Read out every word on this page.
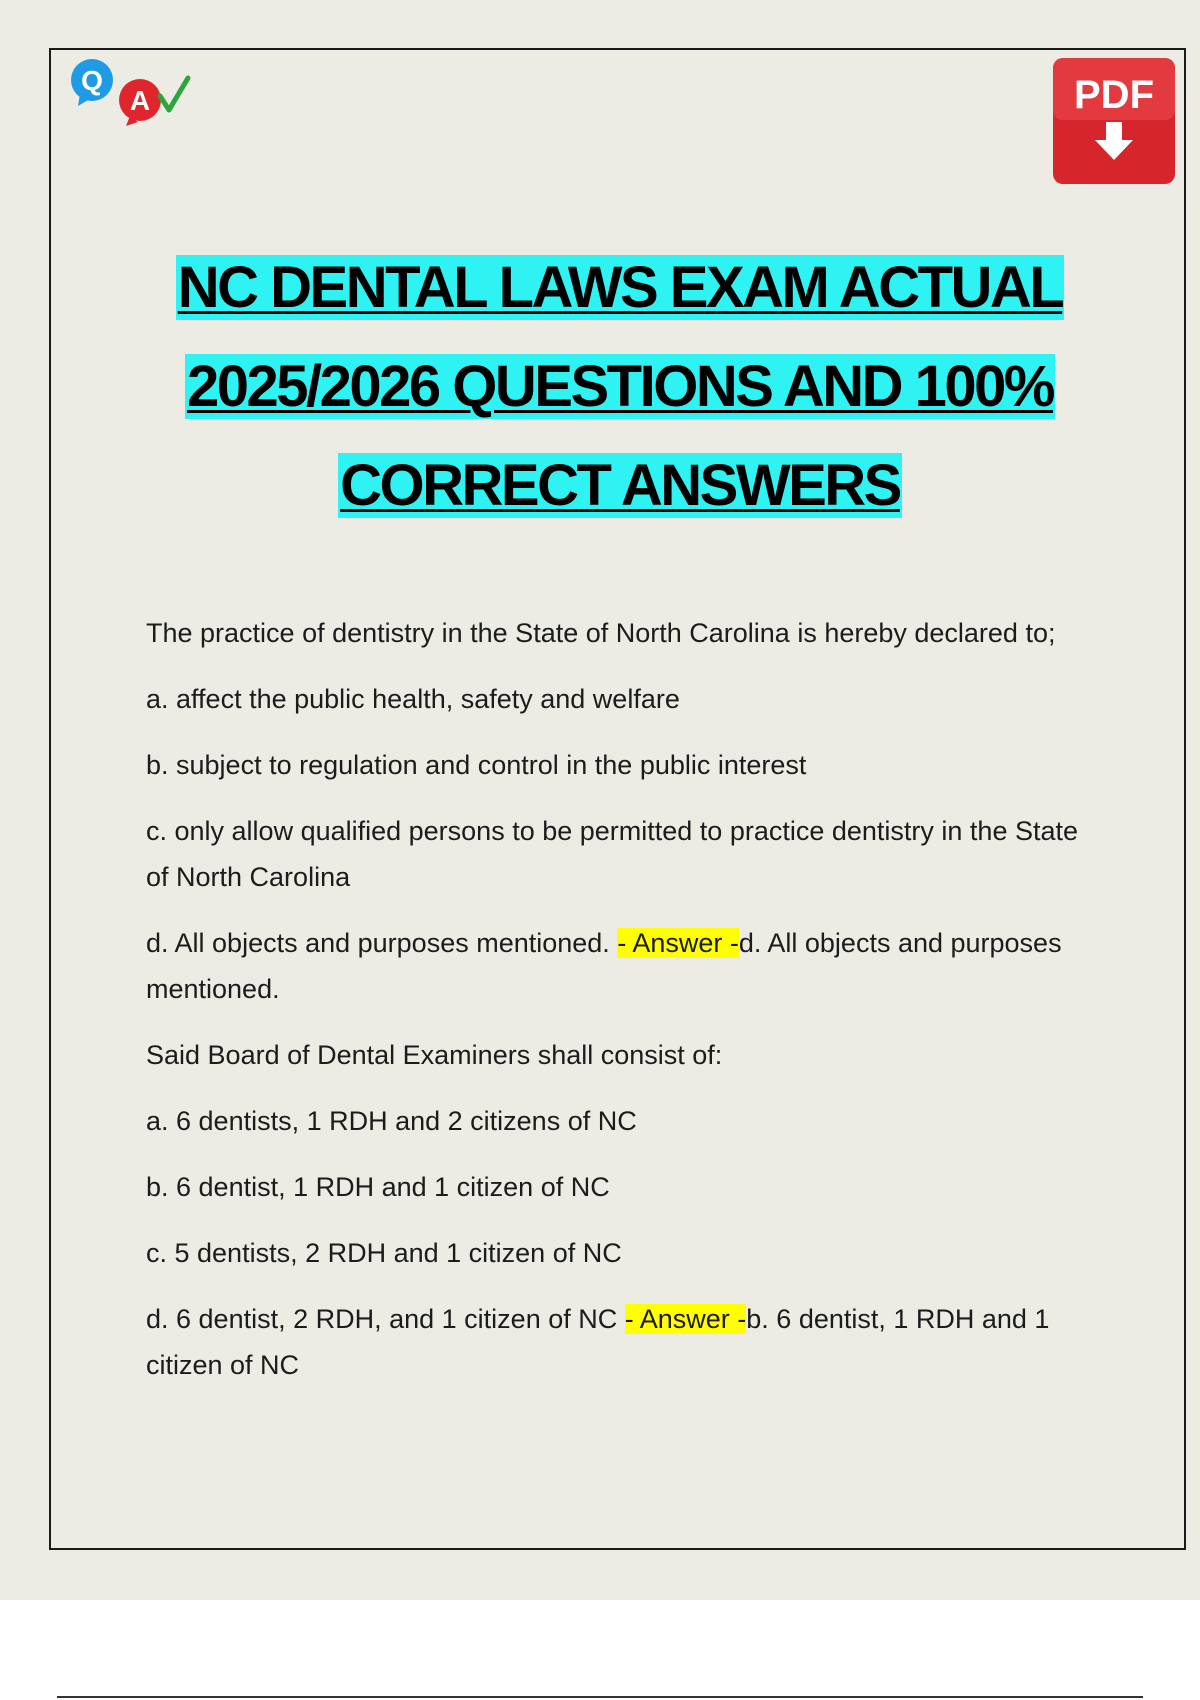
Q
A	PDF
NC DENTAL LAWS EXAM ACTUAL
2025/2026 QUESTIONS AND 100%
CORRECT ANSWERS

The practice of dentistry in the State of North Carolina is hereby declared to;

a. affect the public health, safety and welfare

b. subject to regulation and control in the public interest

c. only allow qualified persons to be permitted to practice dentistry in the State of North Carolina

d. All objects and purposes mentioned. - Answer -d. All objects and purposes mentioned.

Said Board of Dental Examiners shall consist of:

a. 6 dentists, 1 RDH and 2 citizens of NC

b. 6 dentist, 1 RDH and 1 citizen of NC

c. 5 dentists, 2 RDH and 1 citizen of NC

d. 6 dentist, 2 RDH, and 1 citizen of NC - Answer -b. 6 dentist, 1 RDH and 1 citizen of NC
